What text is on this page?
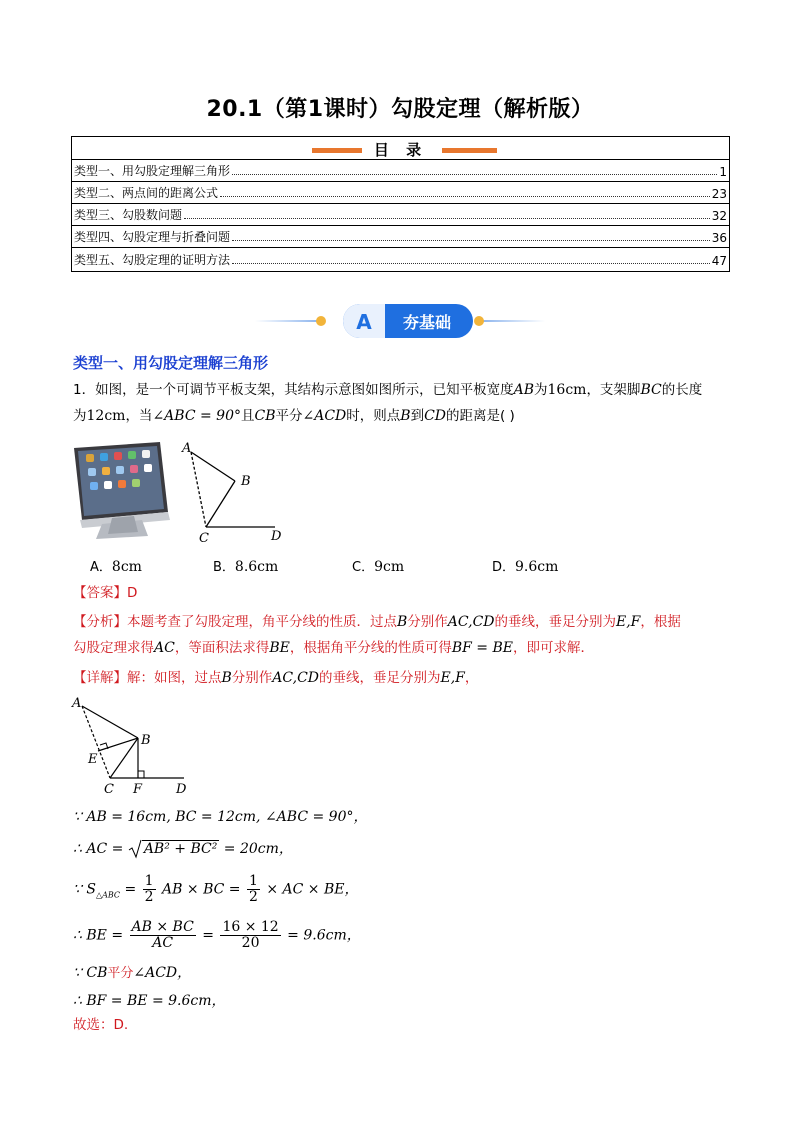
20.1（第1课时）勾股定理（解析版）
目 录
类型一、用勾股定理解三角形	1
类型二、两点间的距离公式	23
类型三、勾股数问题	32
类型四、勾股定理与折叠问题	36
类型五、勾股定理的证明方法	47
A 夯基础
类型一、用勾股定理解三角形
1．如图，是一个可调节平板支架，其结构示意图如图所示，已知平板宽度AB为16cm，支架脚BC的长度
为12cm，当∠ABC = 90°且CB平分∠ACD时，则点B到CD的距离是( )
A
B
C	D
A．8cm	B．8.6cm	C．9cm	D．9.6cm
【答案】D
【分析】本题考查了勾股定理，角平分线的性质．过点B分别作AC,CD的垂线，垂足分别为E,F，根据
勾股定理求得AC，等面积法求得BE，根据角平分线的性质可得BF = BE，即可求解．
【详解】解：如图，过点B分别作AC,CD的垂线，垂足分别为E,F，
A
B
E
C F	D
∵ AB = 16cm, BC = 12cm, ∠ABC = 90°，
∴ AC = AB² + BC² = 20cm，
∵ $S_{\triangle ABC} = \frac{1}{2}$ AB × BC = $\frac{1}{2}$ × AC × BE，
∴ BE = $\frac{AB \times BC}{AC} = \frac{16 \times 12}{20} = 9.6cm$，
∵ CB平分∠ACD，
∴ BF = BE = 9.6cm，
故选：D.
